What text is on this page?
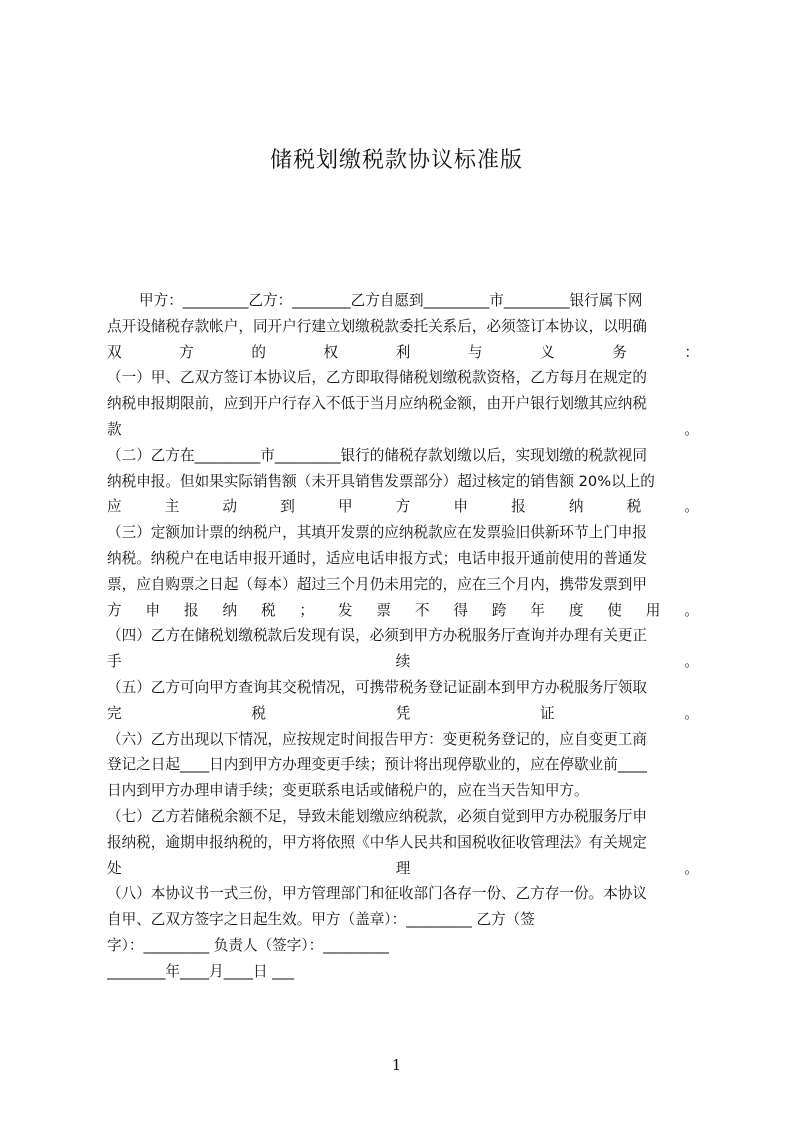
储税划缴税款协议标准版
甲方：_________乙方：________乙方自愿到_________市_________银行属下网
点开设储税存款帐户，同开户行建立划缴税款委托关系后，必须签订本协议，以明确
双	方	的	权	利	与	义	务	：
（一）甲、乙双方签订本协议后，乙方即取得储税划缴税款资格，乙方每月在规定的
纳税申报期限前，应到开户行存入不低于当月应纳税金额，由开户银行划缴其应纳税
款	。
（二）乙方在_________市_________银行的储税存款划缴以后，实现划缴的税款视同
纳税申报。但如果实际销售额（未开具销售发票部分）超过核定的销售额 20%以上的
应	主	动	到	甲	方	申	报	纳	税	。
（三）定额加计票的纳税户，其填开发票的应纳税款应在发票验旧供新环节上门申报
纳税。纳税户在电话申报开通时，适应电话申报方式；电话申报开通前使用的普通发
票，应自购票之日起（每本）超过三个月仍未用完的，应在三个月内，携带发票到甲
方 申 报 纳 税 ； 发 票 不 得 跨 年 度 使 用 。
（四）乙方在储税划缴税款后发现有误，必须到甲方办税服务厅查询并办理有关更正
手	续	。
（五）乙方可向甲方查询其交税情况，可携带税务登记证副本到甲方办税服务厅领取
完	税	凭	证	。
（六）乙方出现以下情况，应按规定时间报告甲方：变更税务登记的，应自变更工商
登记之日起____日内到甲方办理变更手续；预计将出现停歇业的，应在停歇业前____
日内到甲方办理申请手续；变更联系电话或储税户的，应在当天告知甲方。
（七）乙方若储税余额不足，导致未能划缴应纳税款，必须自觉到甲方办税服务厅申
报纳税，逾期申报纳税的，甲方将依照《中华人民共和国税收征收管理法》有关规定
处	理	。
（八）本协议书一式三份，甲方管理部门和征收部门各存一份、乙方存一份。本协议
自甲、乙双方签字之日起生效。甲方（盖章）：_________ 乙方（签
字）：_________ 负责人（签字）：_________
________年____月____日 ___
1
